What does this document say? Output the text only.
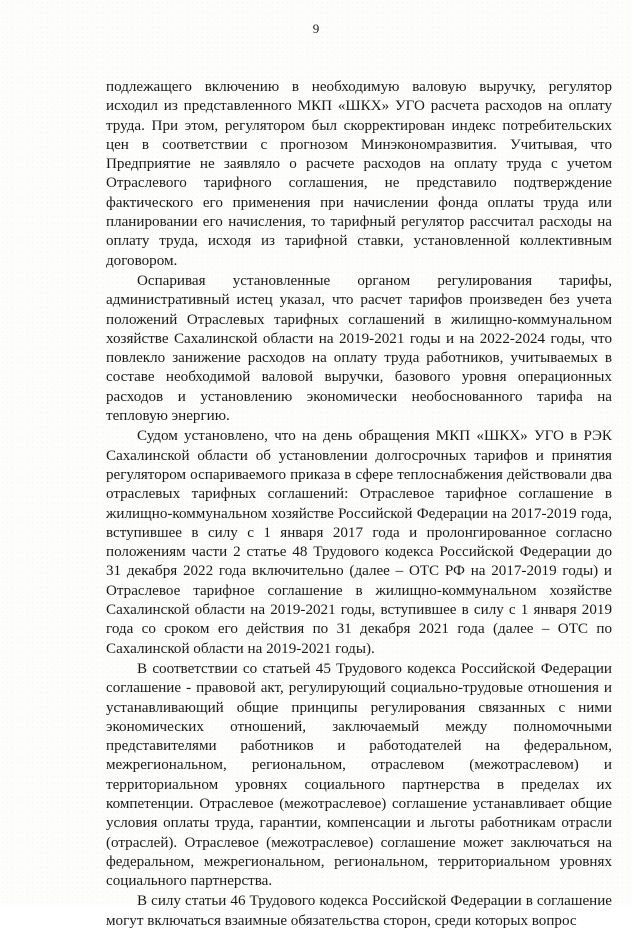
9

подлежащего включению в необходимую валовую выручку, регулятор исходил из представленного МКП «ШКХ» УГО расчета расходов на оплату труда. При этом, регулятором был скорректирован индекс потребительских цен в соответствии с прогнозом Минэкономразвития. Учитывая, что Предприятие не заявляло о расчете расходов на оплату труда с учетом Отраслевого тарифного соглашения, не представило подтверждение фактического его применения при начислении фонда оплаты труда или планировании его начисления, то тарифный регулятор рассчитал расходы на оплату труда, исходя из тарифной ставки, установленной коллективным договором.

Оспаривая установленные органом регулирования тарифы, административный истец указал, что расчет тарифов произведен без учета положений Отраслевых тарифных соглашений в жилищно-коммунальном хозяйстве Сахалинской области на 2019-2021 годы и на 2022-2024 годы, что повлекло занижение расходов на оплату труда работников, учитываемых в составе необходимой валовой выручки, базового уровня операционных расходов и установлению экономически необоснованного тарифа на тепловую энергию.

Судом установлено, что на день обращения МКП «ШКХ» УГО в РЭК Сахалинской области об установлении долгосрочных тарифов и принятия регулятором оспариваемого приказа в сфере теплоснабжения действовали два отраслевых тарифных соглашений: Отраслевое тарифное соглашение в жилищно-коммунальном хозяйстве Российской Федерации на 2017-2019 года, вступившее в силу с 1 января 2017 года и пролонгированное согласно положениям части 2 статье 48 Трудового кодекса Российской Федерации до 31 декабря 2022 года включительно (далее – ОТС РФ на 2017-2019 годы) и Отраслевое тарифное соглашение в жилищно-коммунальном хозяйстве Сахалинской области на 2019-2021 годы, вступившее в силу с 1 января 2019 года со сроком его действия по 31 декабря 2021 года (далее – ОТС по Сахалинской области на 2019-2021 годы).

В соответствии со статьей 45 Трудового кодекса Российской Федерации соглашение - правовой акт, регулирующий социально-трудовые отношения и устанавливающий общие принципы регулирования связанных с ними экономических отношений, заключаемый между полномочными представителями работников и работодателей на федеральном, межрегиональном, региональном, отраслевом (межотраслевом) и территориальном уровнях социального партнерства в пределах их компетенции. Отраслевое (межотраслевое) соглашение устанавливает общие условия оплаты труда, гарантии, компенсации и льготы работникам отрасли (отраслей). Отраслевое (межотраслевое) соглашение может заключаться на федеральном, межрегиональном, региональном, территориальном уровнях социального партнерства.

В силу статьи 46 Трудового кодекса Российской Федерации в соглашение могут включаться взаимные обязательства сторон, среди которых вопрос
